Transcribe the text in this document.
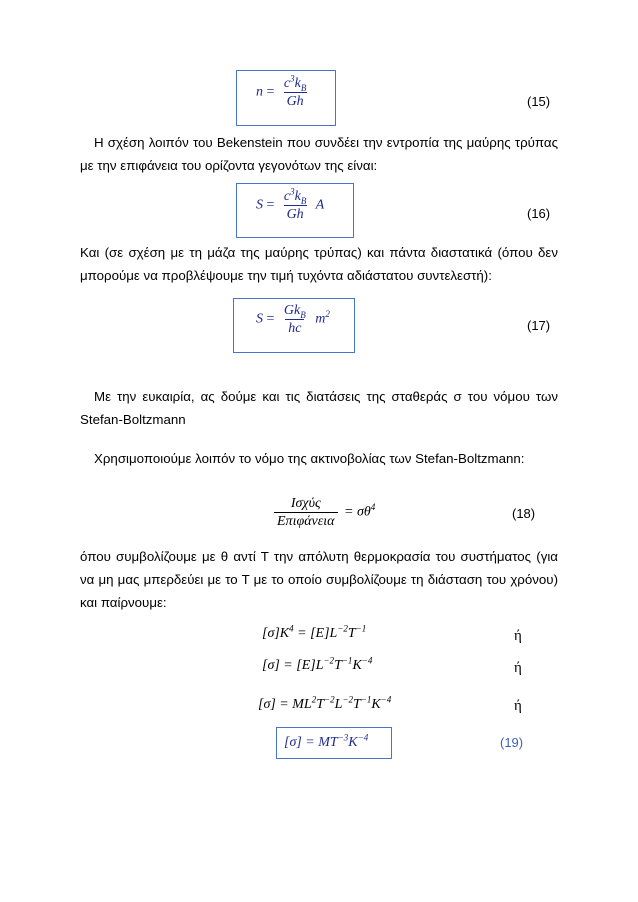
$n = \frac{c^3k_B}{Gh}$	(15)
Η σχέση λοιπόν του Bekenstein που συνδέει την εντροπία της μαύρης τρύπας με την επιφάνεια του ορίζοντα γεγονότων της είναι:
$S = \frac{c^3k_B}{Gh}$ A
(16)
Και (σε σχέση με τη μάζα της μαύρης τρύπας) και πάντα διαστατικά (όπου δεν μπορούμε να προβλέψουμε την τιμή τυχόντα αδιάστατου συντελεστή):
$S = \frac{Gk_B}{hc} m^2$
(17)
Με την ευκαιρία, ας δούμε και τις διατάσεις της σταθεράς σ του νόμου των Stefan-Boltzmann
Χρησιμοποιούμε λοιπόν το νόμο της ακτινοβολίας των Stefan-Boltzmann:
$\frac{\text{Ισχύς}}{\text{Επιφάνεια}} = \sigma\theta^4$	(18)
όπου συμβολίζουμε με θ αντί Τ την απόλυτη θερμοκρασία του συστήματος (για να μη μας μπερδεύει με το Τ με το οποίο συμβολίζουμε τη διάσταση του χρόνου) και παίρνουμε:
$[\sigma]K^4 = [E]L^{-2}T^{-1}$	ή
$[\sigma] = [E]L^{-2}T^{-1}K^{-4}$	ή
$[\sigma] = ML^2T^{-2}L^{-2}T^{-1}K^{-4}$	ή
$[\sigma] = MT^{-3}K^{-4}$	(19)
